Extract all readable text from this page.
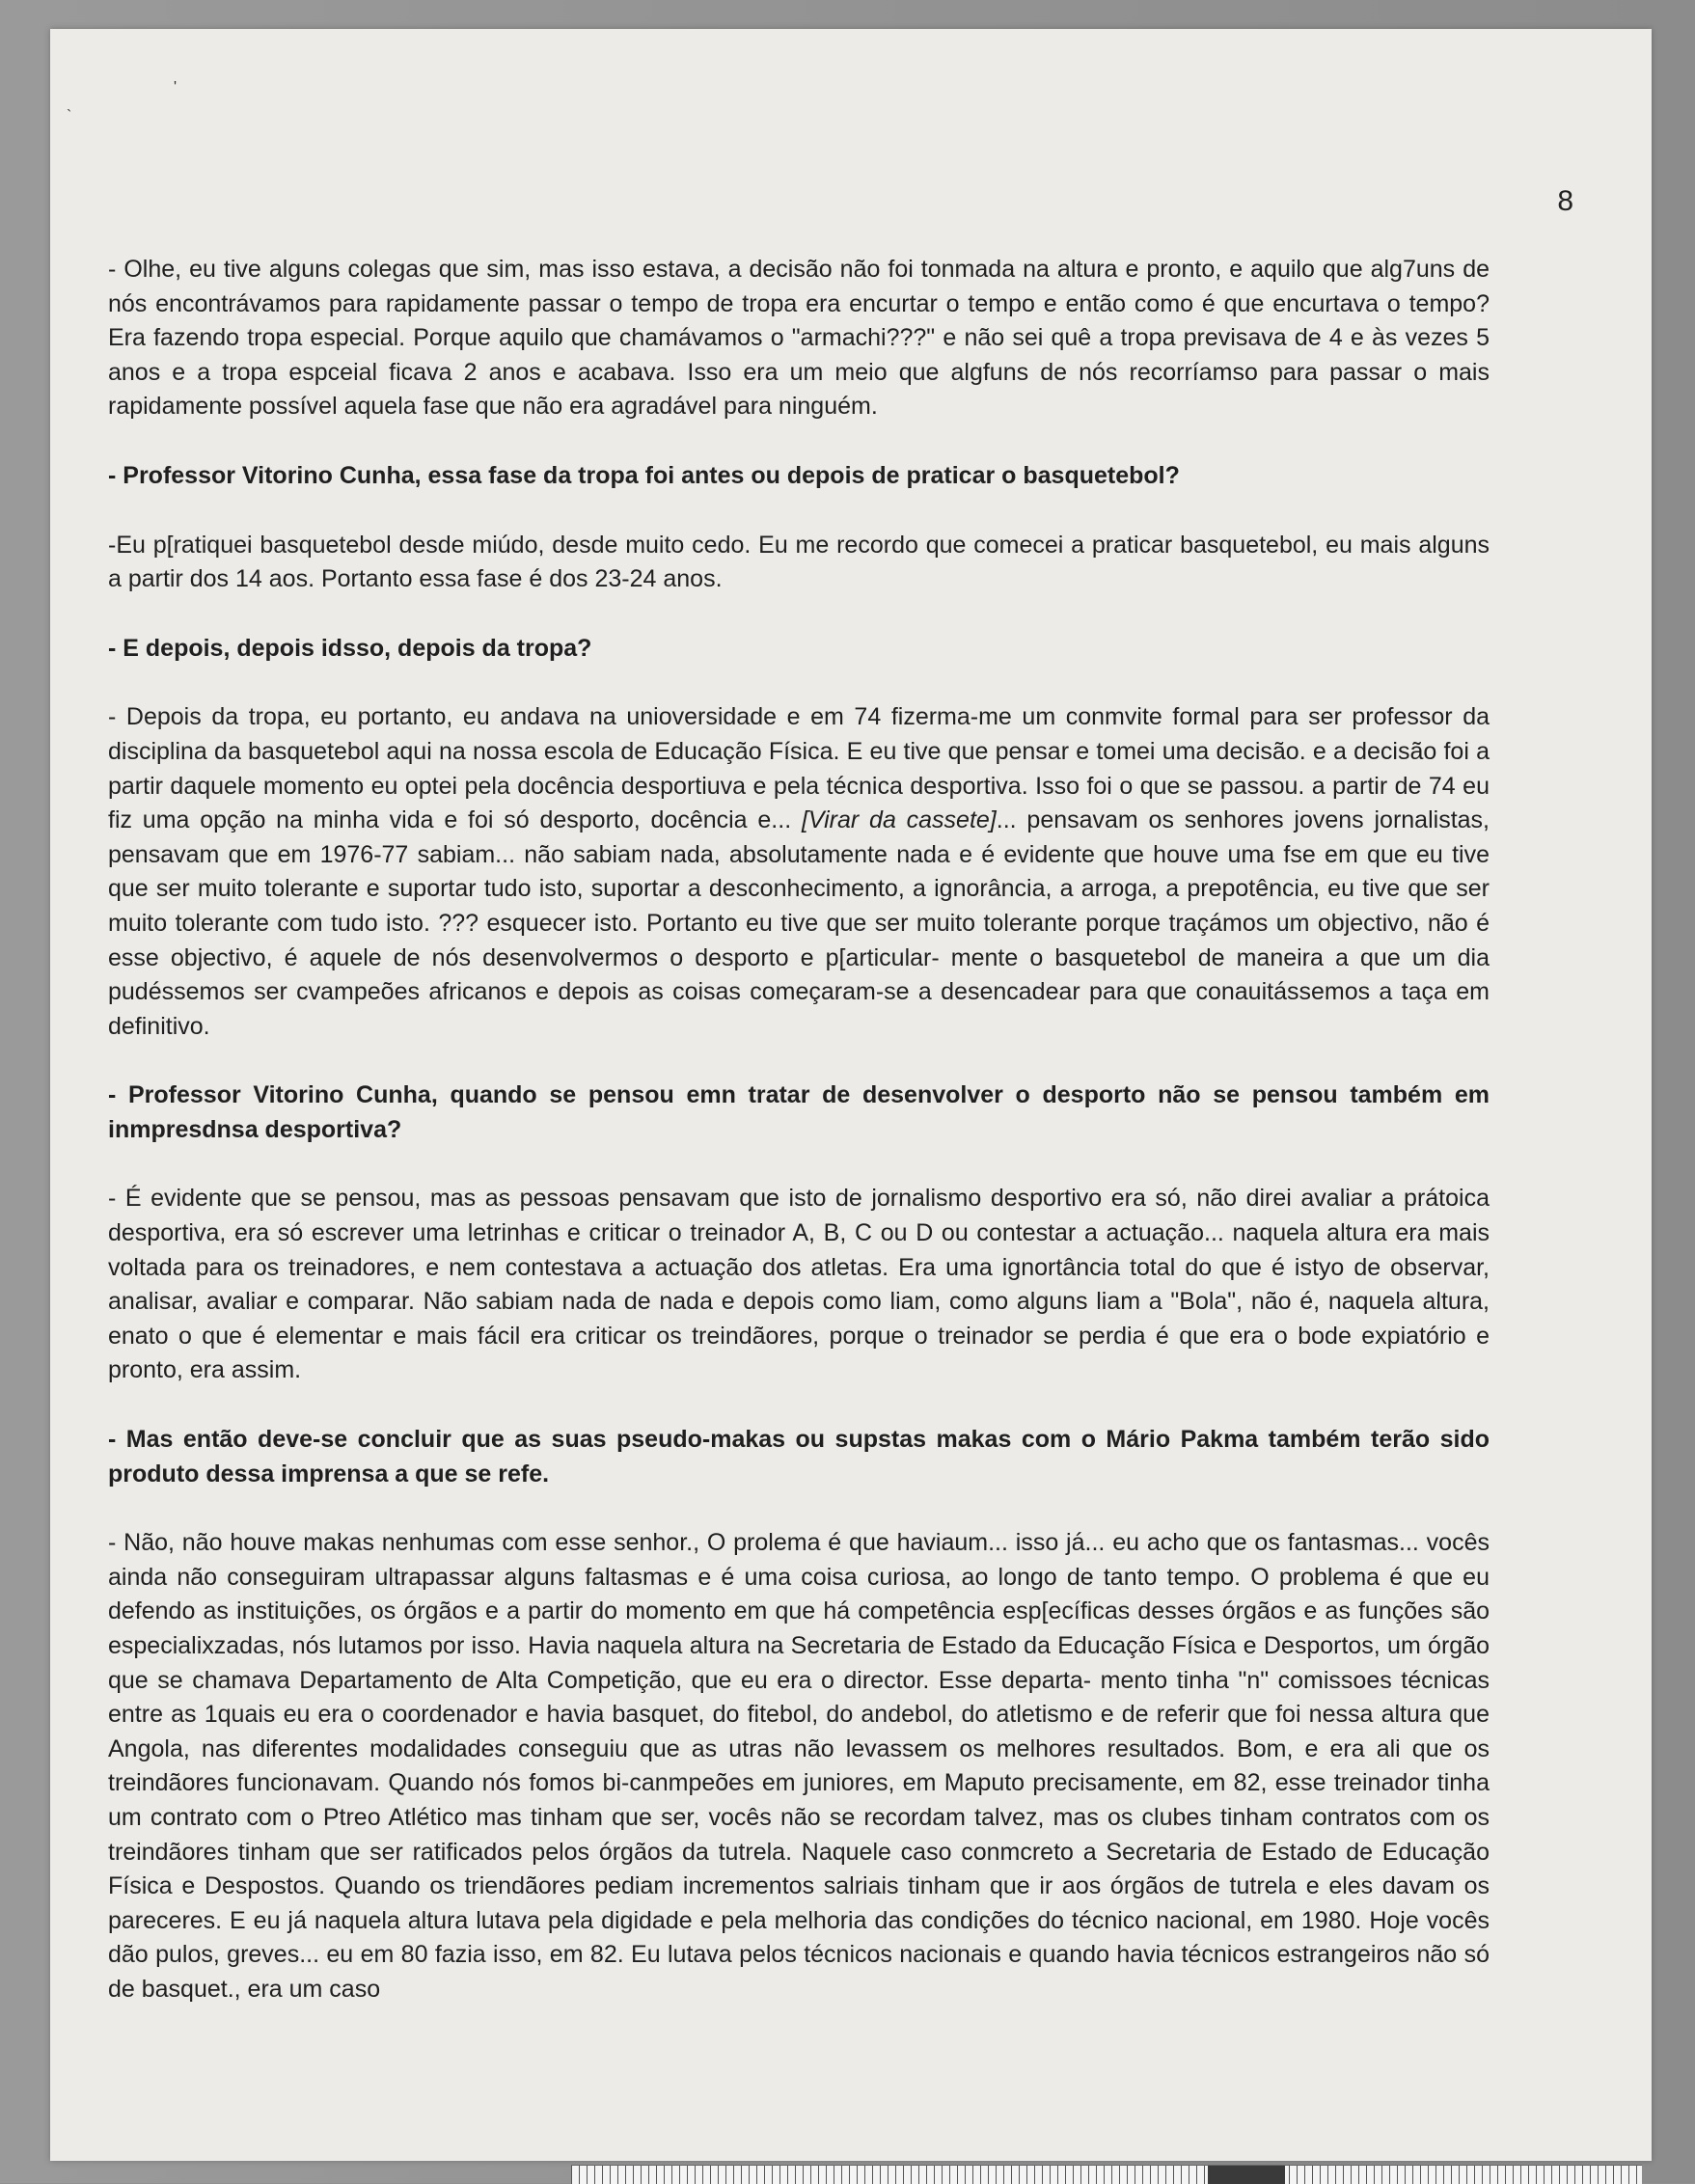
'
`
8

- Olhe, eu tive alguns colegas que sim, mas isso estava, a decisão não foi tonmada na altura e pronto, e aquilo que alg7uns de nós encontrávamos para rapidamente passar o tempo de tropa era encurtar o tempo e então como é que encurtava o tempo? Era fazendo tropa especial. Porque aquilo que chamávamos o "armachi???" e não sei quê a tropa previsava de 4 e às vezes 5 anos e a tropa espceial ficava 2 anos e acabava. Isso era um meio que algfuns de nós recorríamso para passar o mais rapidamente possível aquela fase que não era agradável para ninguém.

- Professor Vitorino Cunha, essa fase da tropa foi antes ou depois de praticar o basquetebol?

-Eu p[ratiquei basquetebol desde miúdo, desde muito cedo. Eu me recordo que comecei a praticar basquetebol, eu mais alguns a partir dos 14 aos. Portanto essa fase é dos 23-24 anos.

- E depois, depois idsso, depois da tropa?

- Depois da tropa, eu portanto, eu andava na unioversidade e em 74 fizerma-me um conmvite formal para ser professor da disciplina da basquetebol aqui na nossa escola de Educação Física. E eu tive que pensar e tomei uma decisão. e a decisão foi a partir daquele momento eu optei pela docência desportiuva e pela técnica desportiva. Isso foi o que se passou. a partir de 74 eu fiz uma opção na minha vida e foi só desporto, docência e... [Virar da cassete]... pensavam os senhores jovens jornalistas, pensavam que em 1976-77 sabiam... não sabiam nada, absolutamente nada e é evidente que houve uma fse em que eu tive que ser muito tolerante e suportar tudo isto, suportar a desconhecimento, a ignorância, a arroga, a prepotência, eu tive que ser muito tolerante com tudo isto. ??? esquecer isto. Portanto eu tive que ser muito tolerante porque traçámos um objectivo, não é esse objectivo, é aquele de nós desenvolvermos o desporto e p[articular- mente o basquetebol de maneira a que um dia pudéssemos ser cvampeões africanos e depois as coisas começaram-se a desencadear para que conauitássemos a taça em definitivo.

- Professor Vitorino Cunha, quando se pensou emn tratar de desenvolver o desporto não se pensou também em inmpresdnsa desportiva?

- É evidente que se pensou, mas as pessoas pensavam que isto de jornalismo desportivo era só, não direi avaliar a prátoica desportiva, era só escrever uma letrinhas e criticar o treinador A, B, C ou D ou contestar a actuação... naquela altura era mais voltada para os treinadores, e nem contestava a actuação dos atletas. Era uma ignortância total do que é istyo de observar, analisar, avaliar e comparar. Não sabiam nada de nada e depois como liam, como alguns liam a "Bola", não é, naquela altura, enato o que é elementar e mais fácil era criticar os treindãores, porque o treinador se perdia é que era o bode expiatório e pronto, era assim.

- Mas então deve-se concluir que as suas pseudo-makas ou supstas makas com o Mário Pakma também terão sido produto dessa imprensa a que se refe.

- Não, não houve makas nenhumas com esse senhor., O prolema é que haviaum... isso já... eu acho que os fantasmas... vocês ainda não conseguiram ultrapassar alguns faltasmas e é uma coisa curiosa, ao longo de tanto tempo. O problema é que eu defendo as instituições, os órgãos e a partir do momento em que há competência esp[ecíficas desses órgãos e as funções são especialixzadas, nós lutamos por isso. Havia naquela altura na Secretaria de Estado da Educação Física e Desportos, um órgão que se chamava Departamento de Alta Competição, que eu era o director. Esse departa- mento tinha "n" comissoes técnicas entre as 1quais eu era o coordenador e havia basquet, do fitebol, do andebol, do atletismo e de referir que foi nessa altura que Angola, nas diferentes modalidades conseguiu que as utras não levassem os melhores resultados. Bom, e era ali que os treindãores funcionavam. Quando nós fomos bi-canmpeões em juniores, em Maputo precisamente, em 82, esse treinador tinha um contrato com o Ptreo Atlético mas tinham que ser, vocês não se recordam talvez, mas os clubes tinham contratos com os treindãores tinham que ser ratificados pelos órgãos da tutrela. Naquele caso conmcreto a Secretaria de Estado de Educação Física e Despostos. Quando os triendãores pediam incrementos salriais tinham que ir aos órgãos de tutrela e eles davam os pareceres. E eu já naquela altura lutava pela digidade e pela melhoria das condições do técnico nacional, em 1980. Hoje vocês dão pulos, greves... eu em 80 fazia isso, em 82. Eu lutava pelos técnicos nacionais e quando havia técnicos estrangeiros não só de basquet., era um caso
